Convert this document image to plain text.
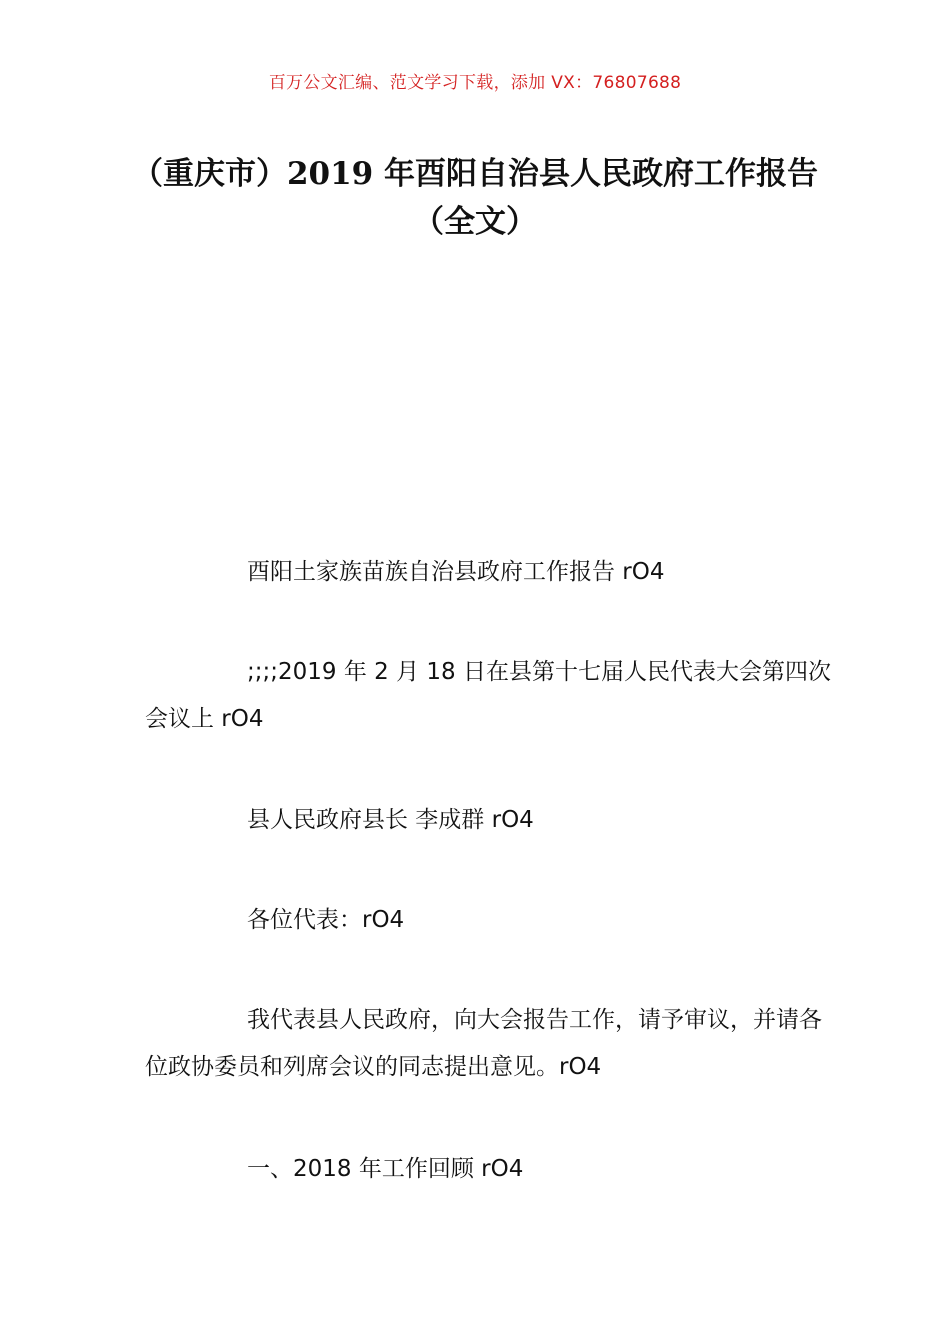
百万公文汇编、范文学习下载，添加 VX：76807688
（重庆市）2019 年酉阳自治县人民政府工作报告（全文）

酉阳土家族苗族自治县政府工作报告 rO4

;;;;2019 年 2 月 18 日在县第十七届人民代表大会第四次会议上 rO4

县人民政府县长 李成群 rO4

各位代表：rO4

我代表县人民政府，向大会报告工作，请予审议，并请各位政协委员和列席会议的同志提出意见。rO4

一、2018 年工作回顾 rO4
